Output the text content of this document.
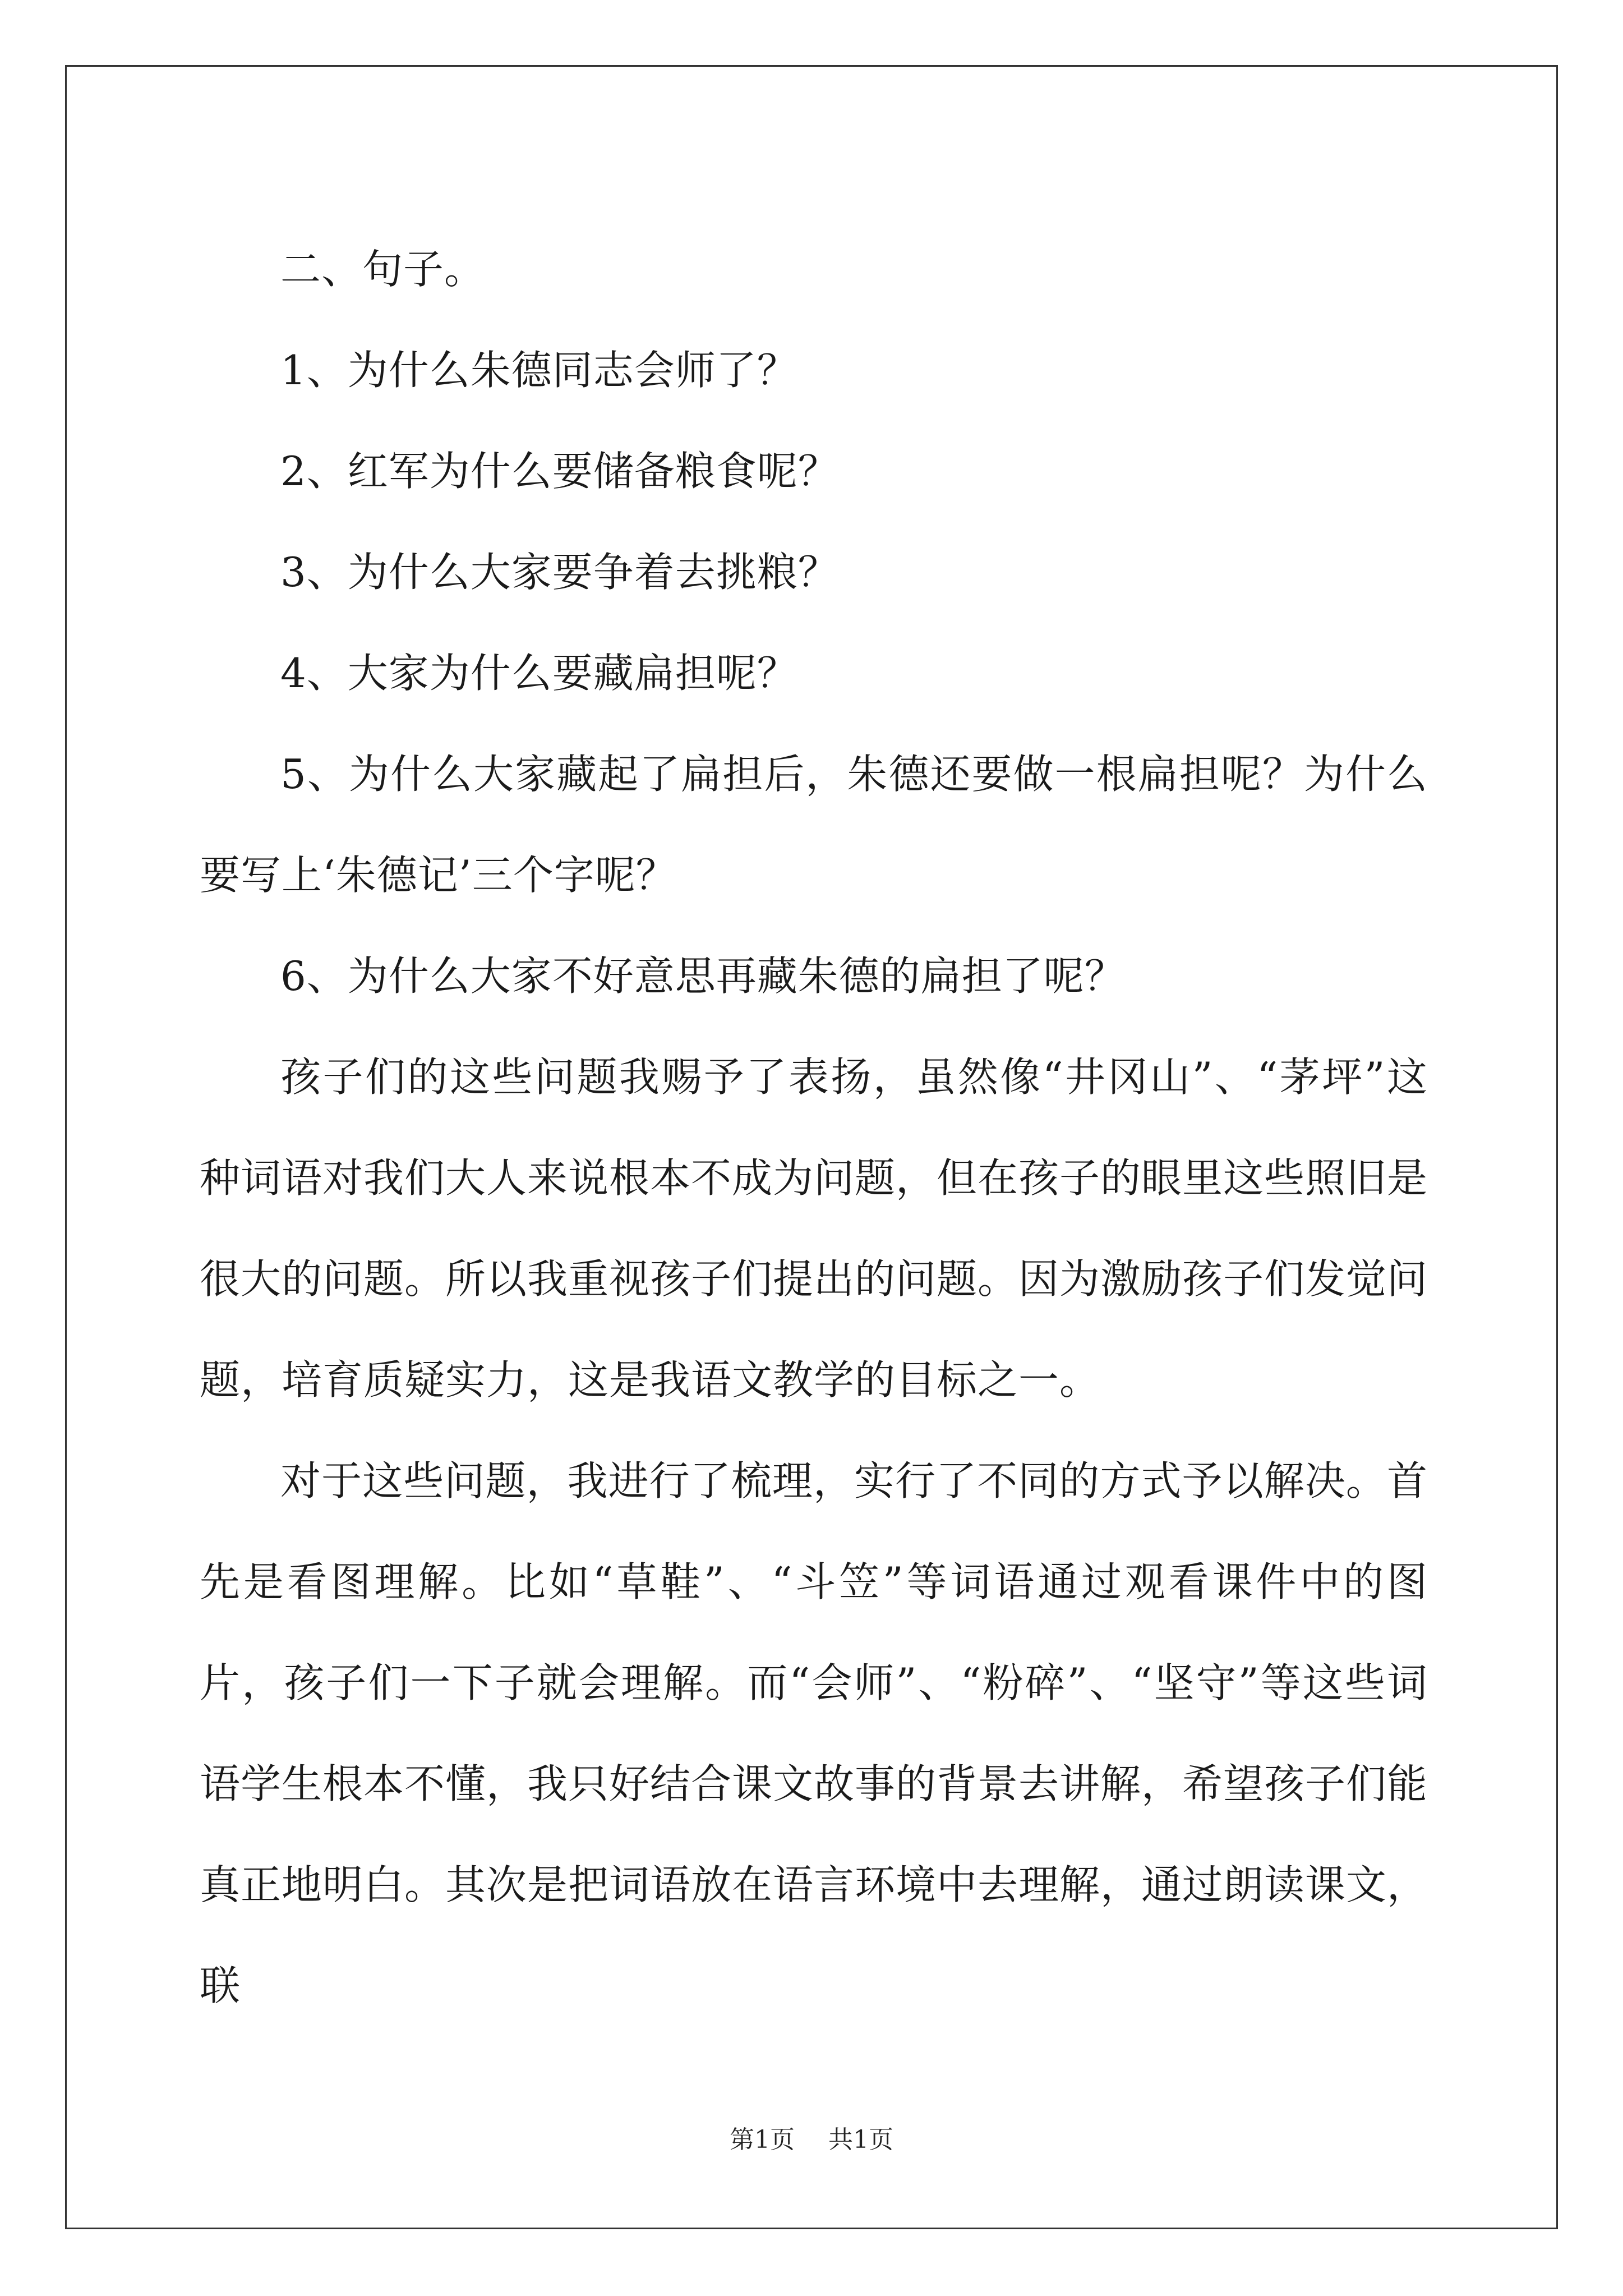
二、句子。

1、为什么朱德同志会师了？

2、红军为什么要储备粮食呢？

3、为什么大家要争着去挑粮？

4、大家为什么要藏扁担呢？

5、为什么大家藏起了扁担后，朱德还要做一根扁担呢？为什么要写上‘朱德记’三个字呢？

6、为什么大家不好意思再藏朱德的扁担了呢？

孩子们的这些问题我赐予了表扬，虽然像“井冈山”、“茅坪”这种词语对我们大人来说根本不成为问题，但在孩子的眼里这些照旧是很大的问题。所以我重视孩子们提出的问题。因为激励孩子们发觉问题，培育质疑实力，这是我语文教学的目标之一。

对于这些问题，我进行了梳理，实行了不同的方式予以解决。首先是看图理解。比如“草鞋”、“斗笠”等词语通过观看课件中的图片，孩子们一下子就会理解。而“会师”、“粉碎”、“坚守”等这些词语学生根本不懂，我只好结合课文故事的背景去讲解，希望孩子们能真正地明白。其次是把词语放在语言环境中去理解，通过朗读课文，联

第1页 共1页
